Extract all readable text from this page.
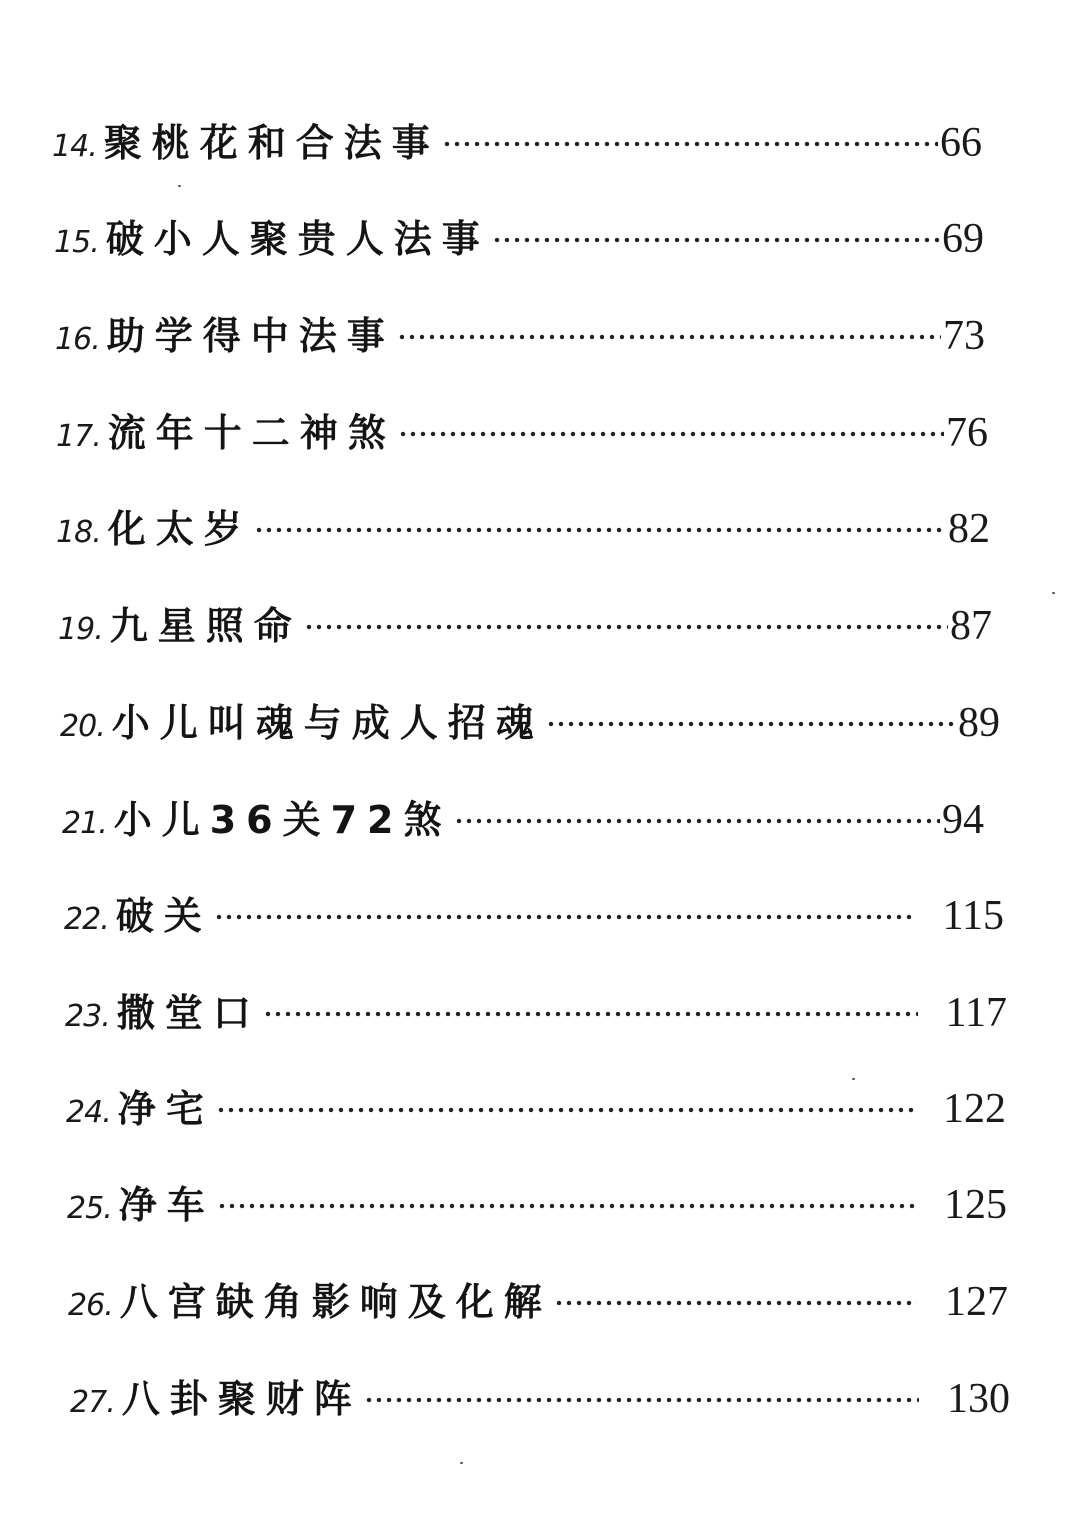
14 . 聚桃花和合法事	66
15 . 破小人聚贵人法事	69
16 . 助学得中法事	73
17 . 流年十二神煞	76
18 . 化太岁	82
19 . 九星照命	87
20 . 小儿叫魂与成人招魂	89
21 . 小儿36关72煞	94
22 . 破关	115
23 . 撒堂口	117
24 . 净宅	122
25 . 净车	125
26 . 八宫缺角影响及化解	127
27 . 八卦聚财阵	130
